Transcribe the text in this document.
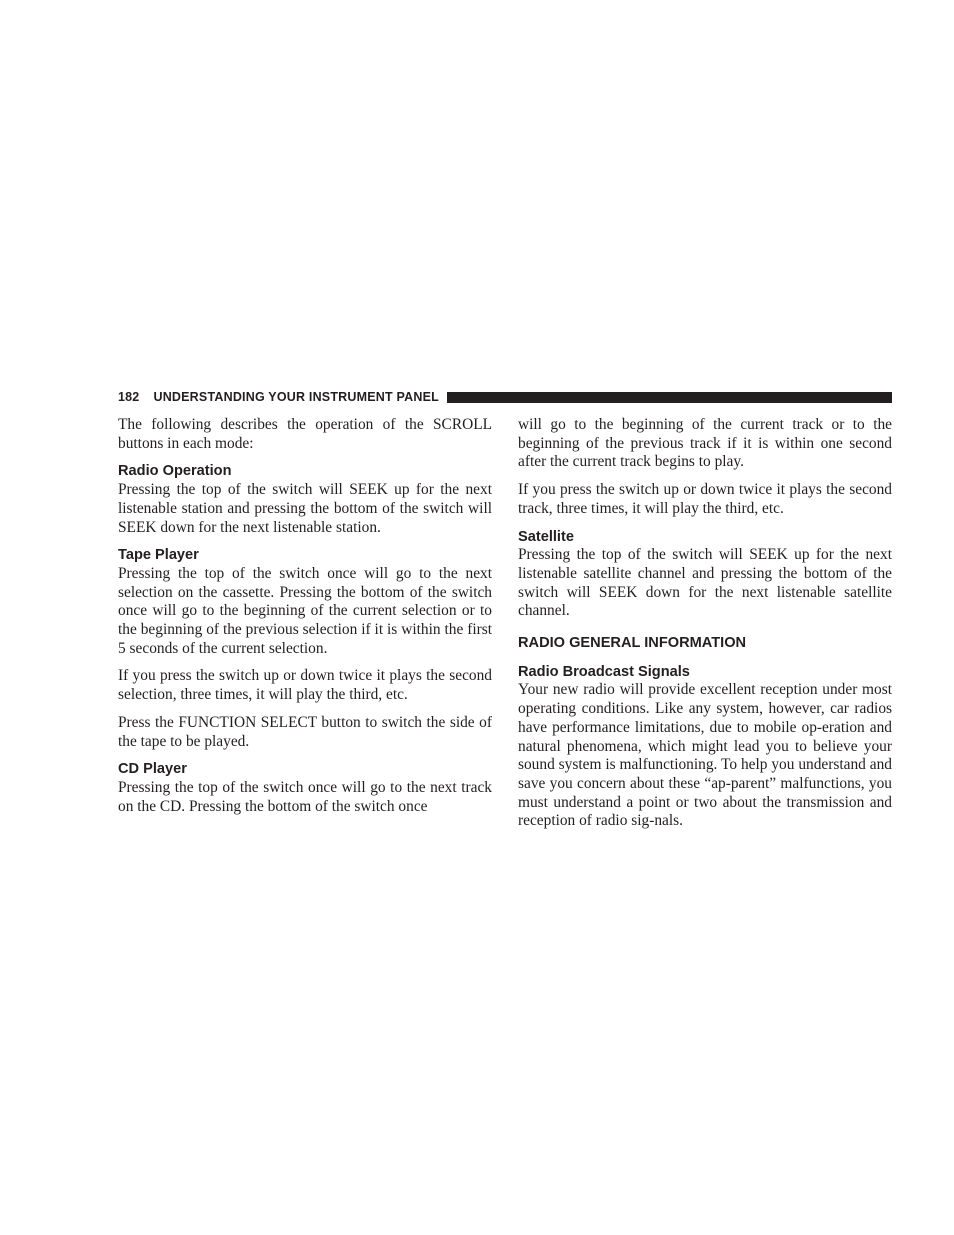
182 UNDERSTANDING YOUR INSTRUMENT PANEL

The following describes the operation of the SCROLL buttons in each mode:

Radio Operation

Pressing the top of the switch will SEEK up for the next listenable station and pressing the bottom of the switch will SEEK down for the next listenable station.

Tape Player

Pressing the top of the switch once will go to the next selection on the cassette. Pressing the bottom of the switch once will go to the beginning of the current selection or to the beginning of the previous selection if it is within the first 5 seconds of the current selection.

If you press the switch up or down twice it plays the second selection, three times, it will play the third, etc.

Press the FUNCTION SELECT button to switch the side of the tape to be played.

CD Player

Pressing the top of the switch once will go to the next track on the CD. Pressing the bottom of the switch once

will go to the beginning of the current track or to the beginning of the previous track if it is within one second after the current track begins to play.

If you press the switch up or down twice it plays the second track, three times, it will play the third, etc.

Satellite

Pressing the top of the switch will SEEK up for the next listenable satellite channel and pressing the bottom of the switch will SEEK down for the next listenable satellite channel.

RADIO GENERAL INFORMATION
Radio Broadcast Signals

Your new radio will provide excellent reception under most operating conditions. Like any system, however, car radios have performance limitations, due to mobile op-eration and natural phenomena, which might lead you to believe your sound system is malfunctioning. To help you understand and save you concern about these “ap-parent” malfunctions, you must understand a point or two about the transmission and reception of radio sig-nals.
